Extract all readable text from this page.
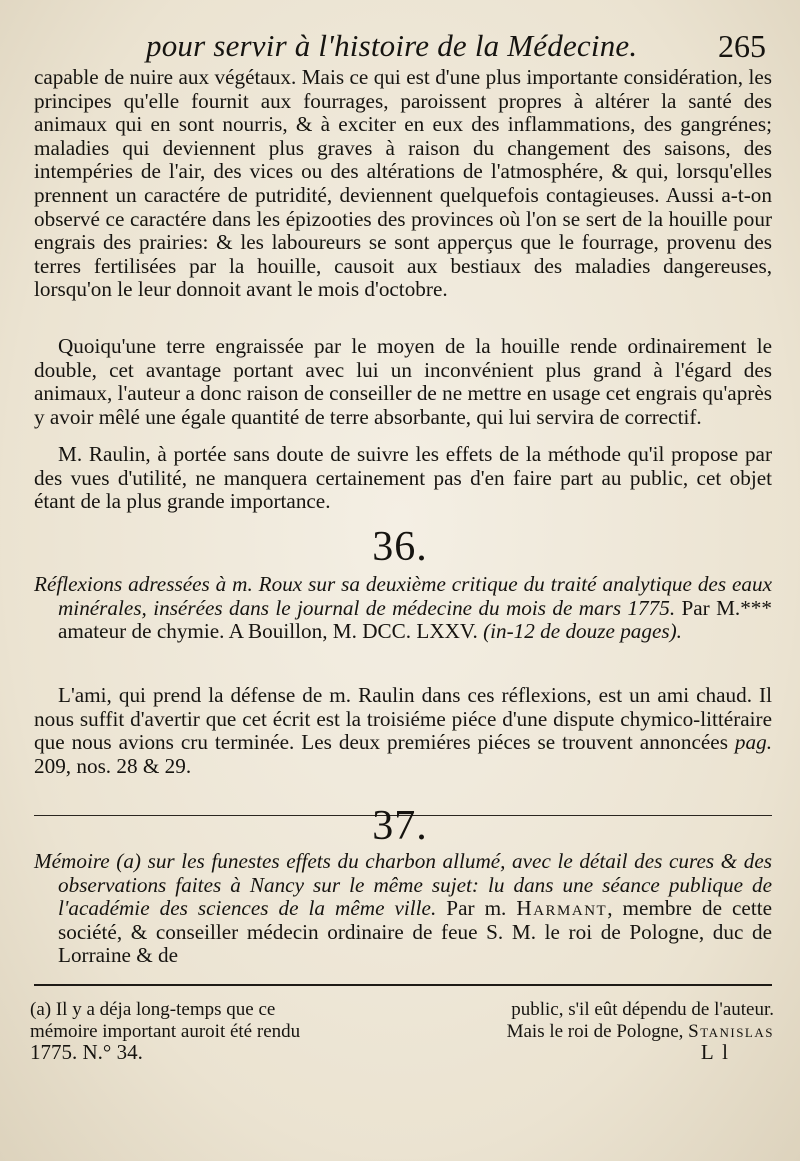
pour servir à l'histoire de la Médecine.	265

capable de nuire aux végétaux. Mais ce qui est d'une plus importante considération, les principes qu'elle fournit aux fourrages, paroissent propres à altérer la santé des animaux qui en sont nourris, & à exciter en eux des inflammations, des gangrénes; maladies qui deviennent plus graves à raison du changement des saisons, des intempéries de l'air, des vices ou des altérations de l'atmosphére, & qui, lorsqu'elles prennent un caractére de putridité, deviennent quelquefois contagieuses. Aussi a-t-on observé ce caractére dans les épizooties des provinces où l'on se sert de la houille pour engrais des prairies: & les laboureurs se sont apperçus que le fourrage, provenu des terres fertilisées par la houille, causoit aux bestiaux des maladies dangereuses, lorsqu'on le leur donnoit avant le mois d'octobre.

Quoiqu'une terre engraissée par le moyen de la houille rende ordinairement le double, cet avantage portant avec lui un inconvénient plus grand à l'égard des animaux, l'auteur a donc raison de conseiller de ne mettre en usage cet engrais qu'après y avoir mêlé une égale quantité de terre absorbante, qui lui servira de correctif.

M. Raulin, à portée sans doute de suivre les effets de la méthode qu'il propose par des vues d'utilité, ne manquera certainement pas d'en faire part au public, cet objet étant de la plus grande importance.

36.

Réflexions adressées à m. Roux sur sa deuxième critique du traité analytique des eaux minérales, insérées dans le journal de médecine du mois de mars 1775. Par M.*** amateur de chymie. A Bouillon, M. DCC. LXXV. (in-12 de douze pages).

L'ami, qui prend la défense de m. Raulin dans ces réflexions, est un ami chaud. Il nous suffit d'avertir que cet écrit est la troisiéme piéce d'une dispute chymico-littéraire que nous avions cru terminée. Les deux premiéres piéces se trouvent annoncées pag. 209, nos. 28 & 29.

37.

Mémoire (a) sur les funestes effets du charbon allumé, avec le détail des cures & des observations faites à Nancy sur le même sujet: lu dans une séance publique de l'académie des sciences de la même ville. Par m. Harmant, membre de cette société, & conseiller médecin ordinaire de feue S. M. le roi de Pologne, duc de Lorraine & de

(a) Il y a déja long-temps que ce	public, s'il eût dépendu de l'auteur.
mémoire important auroit été rendu	Mais le roi de Pologne, Stanislas
1775. N.° 34.	L l
